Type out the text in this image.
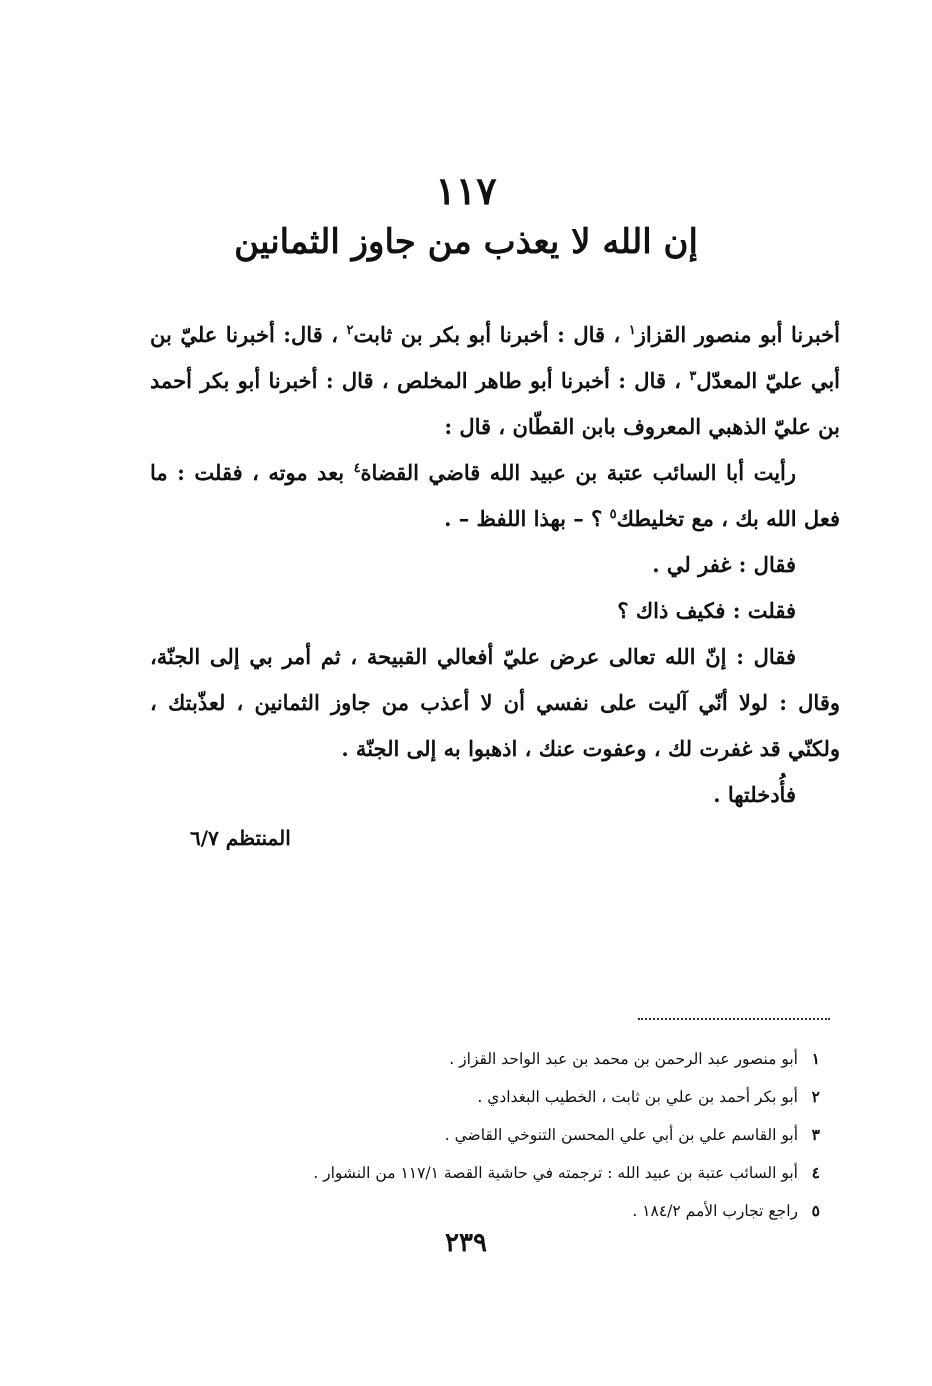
١١٧
إن الله لا يعذب من جاوز الثمانين

أخبرنا أبو منصور القزاز$^١$ ، قال : أخبرنا أبو بكر بن ثابت$^٢$ ، قال: أخبرنا عليّ بن أبي عليّ المعدّل$^٣$ ، قال : أخبرنا أبو طاهر المخلص ، قال : أخبرنا أبو بكر أحمد بن عليّ الذهبي المعروف بابن القطّان ، قال :

رأيت أبا السائب عتبة بن عبيد الله قاضي القضاة$^٤$ بعد موته ، فقلت : ما فعل الله بك ، مع تخليطك$^٥$ ؟ – بهذا اللفظ – .

فقال : غفر لي .

فقلت : فكيف ذاك ؟

فقال : إنّ الله تعالى عرض عليّ أفعالي القبيحة ، ثم أمر بي إلى الجنّة، وقال : لولا أنّي آليت على نفسي أن لا أعذب من جاوز الثمانين ، لعذّبتك ، ولكنّي قد غفرت لك ، وعفوت عنك ، اذهبوا به إلى الجنّة .

فأُدخلتها .

المنتظم ٦/٧

١أبو منصور عبد الرحمن بن محمد بن عبد الواحد القزاز .

٢أبو بكر أحمد بن علي بن ثابت ، الخطيب البغدادي .

٣أبو القاسم علي بن أبي علي المحسن التنوخي القاضي .

٤أبو السائب عتبة بن عبيد الله : ترجمته في حاشية القصة ١١٧/١ من النشوار .

٥راجع تجارب الأمم ١٨٤/٢ .

٢٣٩
